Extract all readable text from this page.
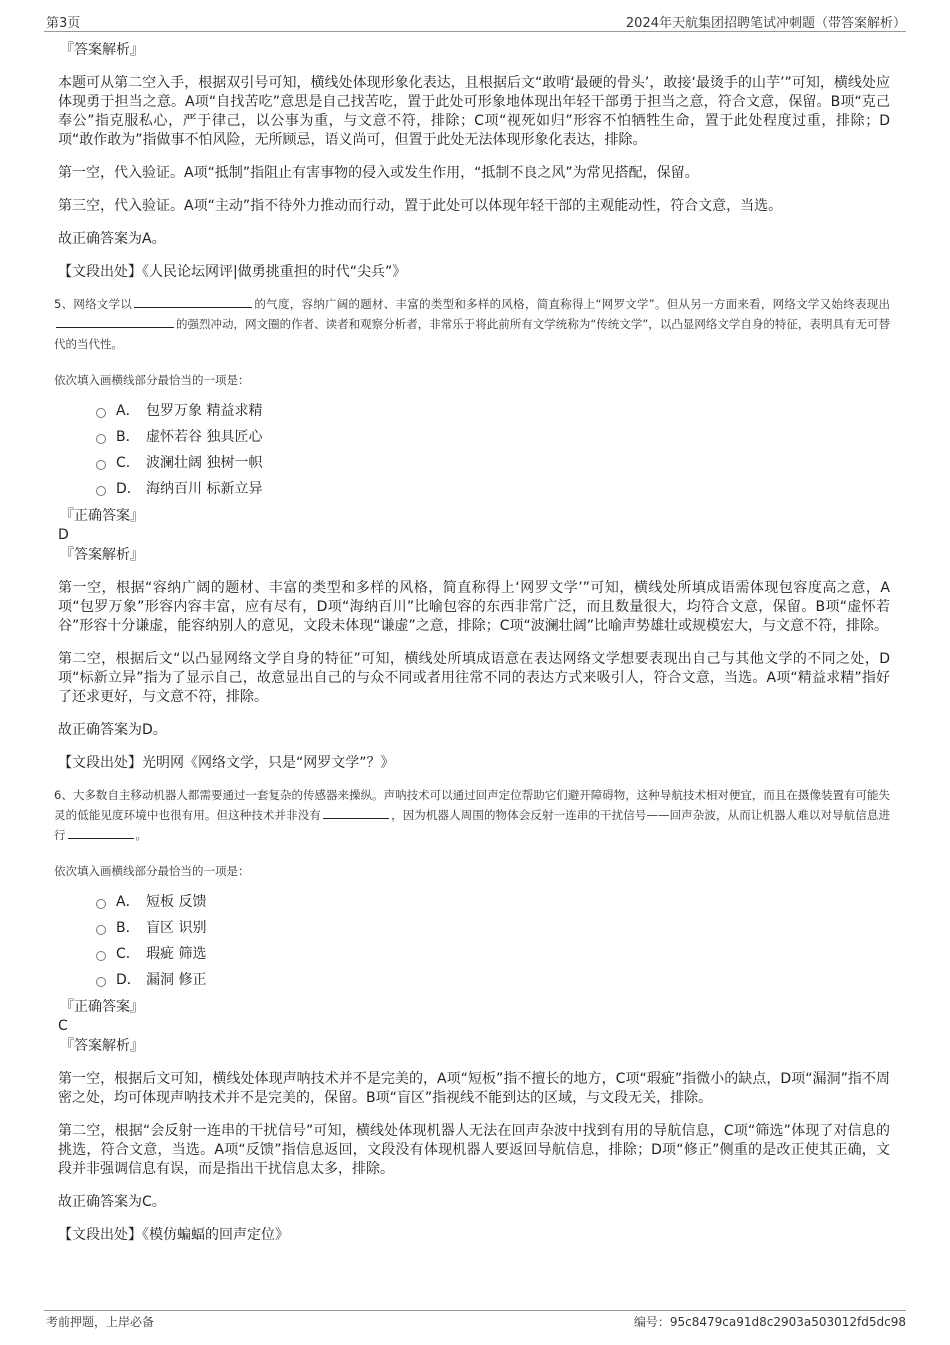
第3页	2024年天航集团招聘笔试冲刺题（带答案解析）
『答案解析』
本题可从第二空入手，根据双引号可知，横线处体现形象化表达，且根据后文“敢啃‘最硬的骨头’，敢接‘最烫手的山芋’”可知，横线处应体现勇于担当之意。A项“自找苦吃”意思是自己找苦吃，置于此处可形象地体现出年轻干部勇于担当之意，符合文意，保留。B项“克己奉公”指克服私心，严于律己，以公事为重，与文意不符，排除；C项“视死如归”形容不怕牺牲生命，置于此处程度过重，排除；D项“敢作敢为”指做事不怕风险，无所顾忌，语义尚可，但置于此处无法体现形象化表达，排除。
第一空，代入验证。A项“抵制”指阻止有害事物的侵入或发生作用，“抵制不良之风”为常见搭配，保留。
第三空，代入验证。A项“主动”指不待外力推动而行动，置于此处可以体现年轻干部的主观能动性，符合文意，当选。
故正确答案为A。
【文段出处】《人民论坛网评|做勇挑重担的时代“尖兵”》
5、网络文学以	的气度，容纳广阔的题材、丰富的类型和多样的风格，简直称得上“网罗文学”。但从另一方面来看，网络文学又始终表现出的强烈冲动，网文圈的作者、读者和观察分析者，非常乐于将此前所有文学统称为“传统文学”，以凸显网络文学自身的特征，表明具有无可替代的当代性。
依次填入画横线部分最恰当的一项是：
A． 包罗万象 精益求精
B． 虚怀若谷 独具匠心
C． 波澜壮阔 独树一帜
D． 海纳百川 标新立异
『正确答案』
D
『答案解析』
第一空，根据“容纳广阔的题材、丰富的类型和多样的风格，简直称得上‘网罗文学’”可知，横线处所填成语需体现包容度高之意，A项“包罗万象”形容内容丰富，应有尽有，D项“海纳百川”比喻包容的东西非常广泛，而且数量很大，均符合文意，保留。B项“虚怀若谷”形容十分谦虚，能容纳别人的意见，文段未体现“谦虚”之意，排除；C项“波澜壮阔”比喻声势雄壮或规模宏大，与文意不符，排除。
第二空，根据后文“以凸显网络文学自身的特征”可知，横线处所填成语意在表达网络文学想要表现出自己与其他文学的不同之处，D项“标新立异”指为了显示自己，故意显出自己的与众不同或者用往常不同的表达方式来吸引人，符合文意，当选。A项“精益求精”指好了还求更好，与文意不符，排除。
故正确答案为D。
【文段出处】光明网《网络文学，只是“网罗文学”？》
6、大多数自主移动机器人都需要通过一套复杂的传感器来操纵。声呐技术可以通过回声定位帮助它们避开障碍物，这种导航技术相对便宜，而且在摄像装置有可能失灵的低能见度环境中也很有用。但这种技术并非没有	，因为机器人周围的物体会反射一连串的干扰信号——回声杂波，从而让机器人难以对导航信息进行	。
依次填入画横线部分最恰当的一项是：
A． 短板 反馈
B． 盲区 识别
C． 瑕疵 筛选
D． 漏洞 修正
『正确答案』
C
『答案解析』
第一空，根据后文可知，横线处体现声呐技术并不是完美的，A项“短板”指不擅长的地方，C项“瑕疵”指微小的缺点，D项“漏洞”指不周密之处，均可体现声呐技术并不是完美的，保留。B项“盲区”指视线不能到达的区域，与文段无关，排除。
第二空，根据“会反射一连串的干扰信号”可知，横线处体现机器人无法在回声杂波中找到有用的导航信息，C项“筛选”体现了对信息的挑选，符合文意，当选。A项“反馈”指信息返回，文段没有体现机器人要返回导航信息，排除；D项“修正”侧重的是改正使其正确，文段并非强调信息有误，而是指出干扰信息太多，排除。
故正确答案为C。
【文段出处】《模仿蝙蝠的回声定位》
考前押题，上岸必备	编号：95c8479ca91d8c2903a503012fd5dc98
